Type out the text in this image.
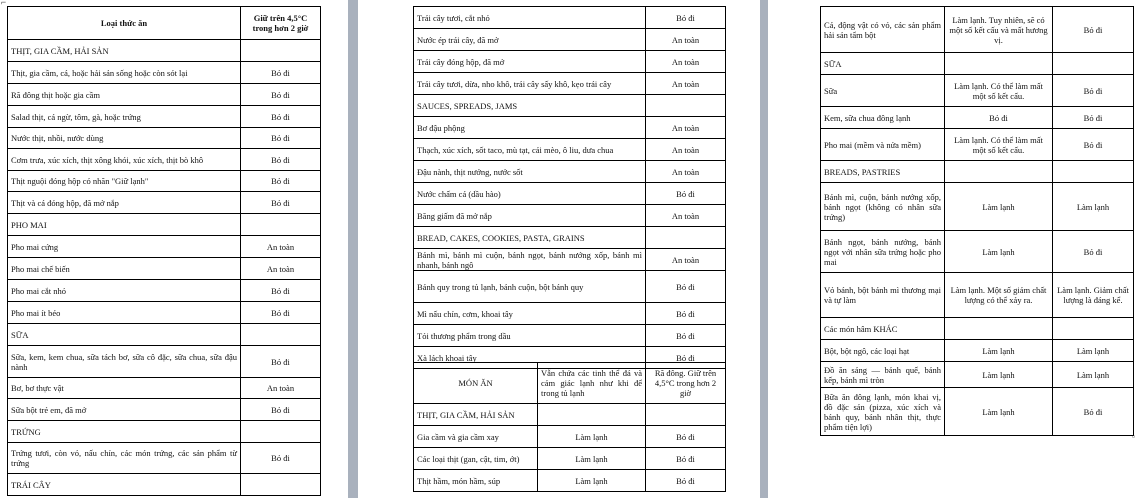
⌐
Loại thức ăn	Giữ trên 4,5°C trong hơn 2 giờ
THỊT, GIA CẦM, HẢI SẢN	
Thịt, gia cầm, cá, hoặc hải sản sống hoặc còn sót lại	Bỏ đi
Rã đông thịt hoặc gia cầm	Bỏ đi
Salad thịt, cá ngừ, tôm, gà, hoặc trứng	Bỏ đi
Nước thịt, nhồi, nước dùng	Bỏ đi
Cơm trưa, xúc xích, thịt xông khói, xúc xích, thịt bò khô	Bỏ đi
Thịt nguội đóng hộp có nhãn "Giữ lạnh"	Bỏ đi
Thịt và cá đóng hộp, đã mở nắp	Bỏ đi
PHO MAI	
Pho mai cứng	An toàn
Pho mai chế biến	An toàn
Pho mai cắt nhỏ	Bỏ đi
Pho mai ít béo	Bỏ đi
SỮA	
Sữa, kem, kem chua, sữa tách bơ, sữa cô đặc, sữa chua, sữa đậu nành	Bỏ đi
Bơ, bơ thực vật	An toàn
Sữa bột trẻ em, đã mở	Bỏ đi
TRỨNG	
Trứng tươi, còn vỏ, nấu chín, các món trứng, các sản phẩm từ trứng	Bỏ đi
TRÁI CÂY	
Trái cây tươi, cắt nhỏ	Bỏ đi
Nước ép trái cây, đã mở	An toàn
Trái cây đóng hộp, đã mở	An toàn
Trái cây tươi, dừa, nho khô, trái cây sấy khô, kẹo trái cây	An toàn
SAUCES, SPREADS, JAMS	
Bơ đậu phộng	An toàn
Thạch, xúc xích, sốt taco, mù tạt, cải mèo, ô liu, dưa chua	An toàn
Đậu nành, thịt nướng, nước sốt	An toàn
Nước chấm cá (dầu hào)	Bỏ đi
Băng giấm đã mở nắp	An toàn
BREAD, CAKES, COOKIES, PASTA, GRAINS	
Bánh mì, bánh mì cuộn, bánh ngọt, bánh nướng xốp, bánh mì nhanh, bánh ngô	An toàn
Bánh quy trong tủ lạnh, bánh cuộn, bột bánh quy	Bỏ đi
Mì nấu chín, cơm, khoai tây	Bỏ đi
Tỏi thương phẩm trong dầu	Bỏ đi
Xà lách khoai tây	Bỏ đi
MÓN ĂN	Vẫn chứa các tinh thể đá và cảm giác lạnh như khi để trong tủ lạnh	Rã đông. Giữ trên 4,5°C trong hơn 2 giờ
THỊT, GIA CẦM, HẢI SẢN		
Gia cầm và gia cầm xay	Làm lạnh	Bỏ đi
Các loại thịt (gan, cật, tim, ớt)	Làm lạnh	Bỏ đi
Thịt hầm, món hầm, súp	Làm lạnh	Bỏ đi
Cá, động vật có vỏ, các sản phẩm hải sản tẩm bột	Làm lạnh. Tuy nhiên, sẽ có một số kết cấu và mất hương vị.	Bỏ đi
SỮA		
Sữa	Làm lạnh. Có thể làm mất một số kết cấu.	Bỏ đi
Kem, sữa chua đông lạnh	Bỏ đi	Bỏ đi
Pho mai (mềm và nửa mềm)	Làm lạnh. Có thể làm mất một số kết cấu.	Bỏ đi
BREADS, PASTRIES		
Bánh mì, cuộn, bánh nướng xốp, bánh ngọt (không có nhân sữa trứng)	Làm lạnh	Làm lạnh
Bánh ngọt, bánh nướng, bánh ngọt với nhân sữa trứng hoặc pho mai	Làm lạnh	Bỏ đi
Vỏ bánh, bột bánh mì thương mại và tự làm	Làm lạnh. Một số giảm chất lượng có thể xảy ra.	Làm lạnh. Giảm chất lượng là đáng kể.
Các món hâm KHÁC		
Bột, bột ngô, các loại hạt	Làm lạnh	Làm lạnh
Đồ ăn sáng — bánh quế, bánh kếp, bánh mì tròn	Làm lạnh	Làm lạnh
Bữa ăn đông lạnh, món khai vị, đồ đặc sản (pizza, xúc xích và bánh quy, bánh nhân thịt, thực phẩm tiện lợi)	Làm lạnh	Bỏ đi
▫
